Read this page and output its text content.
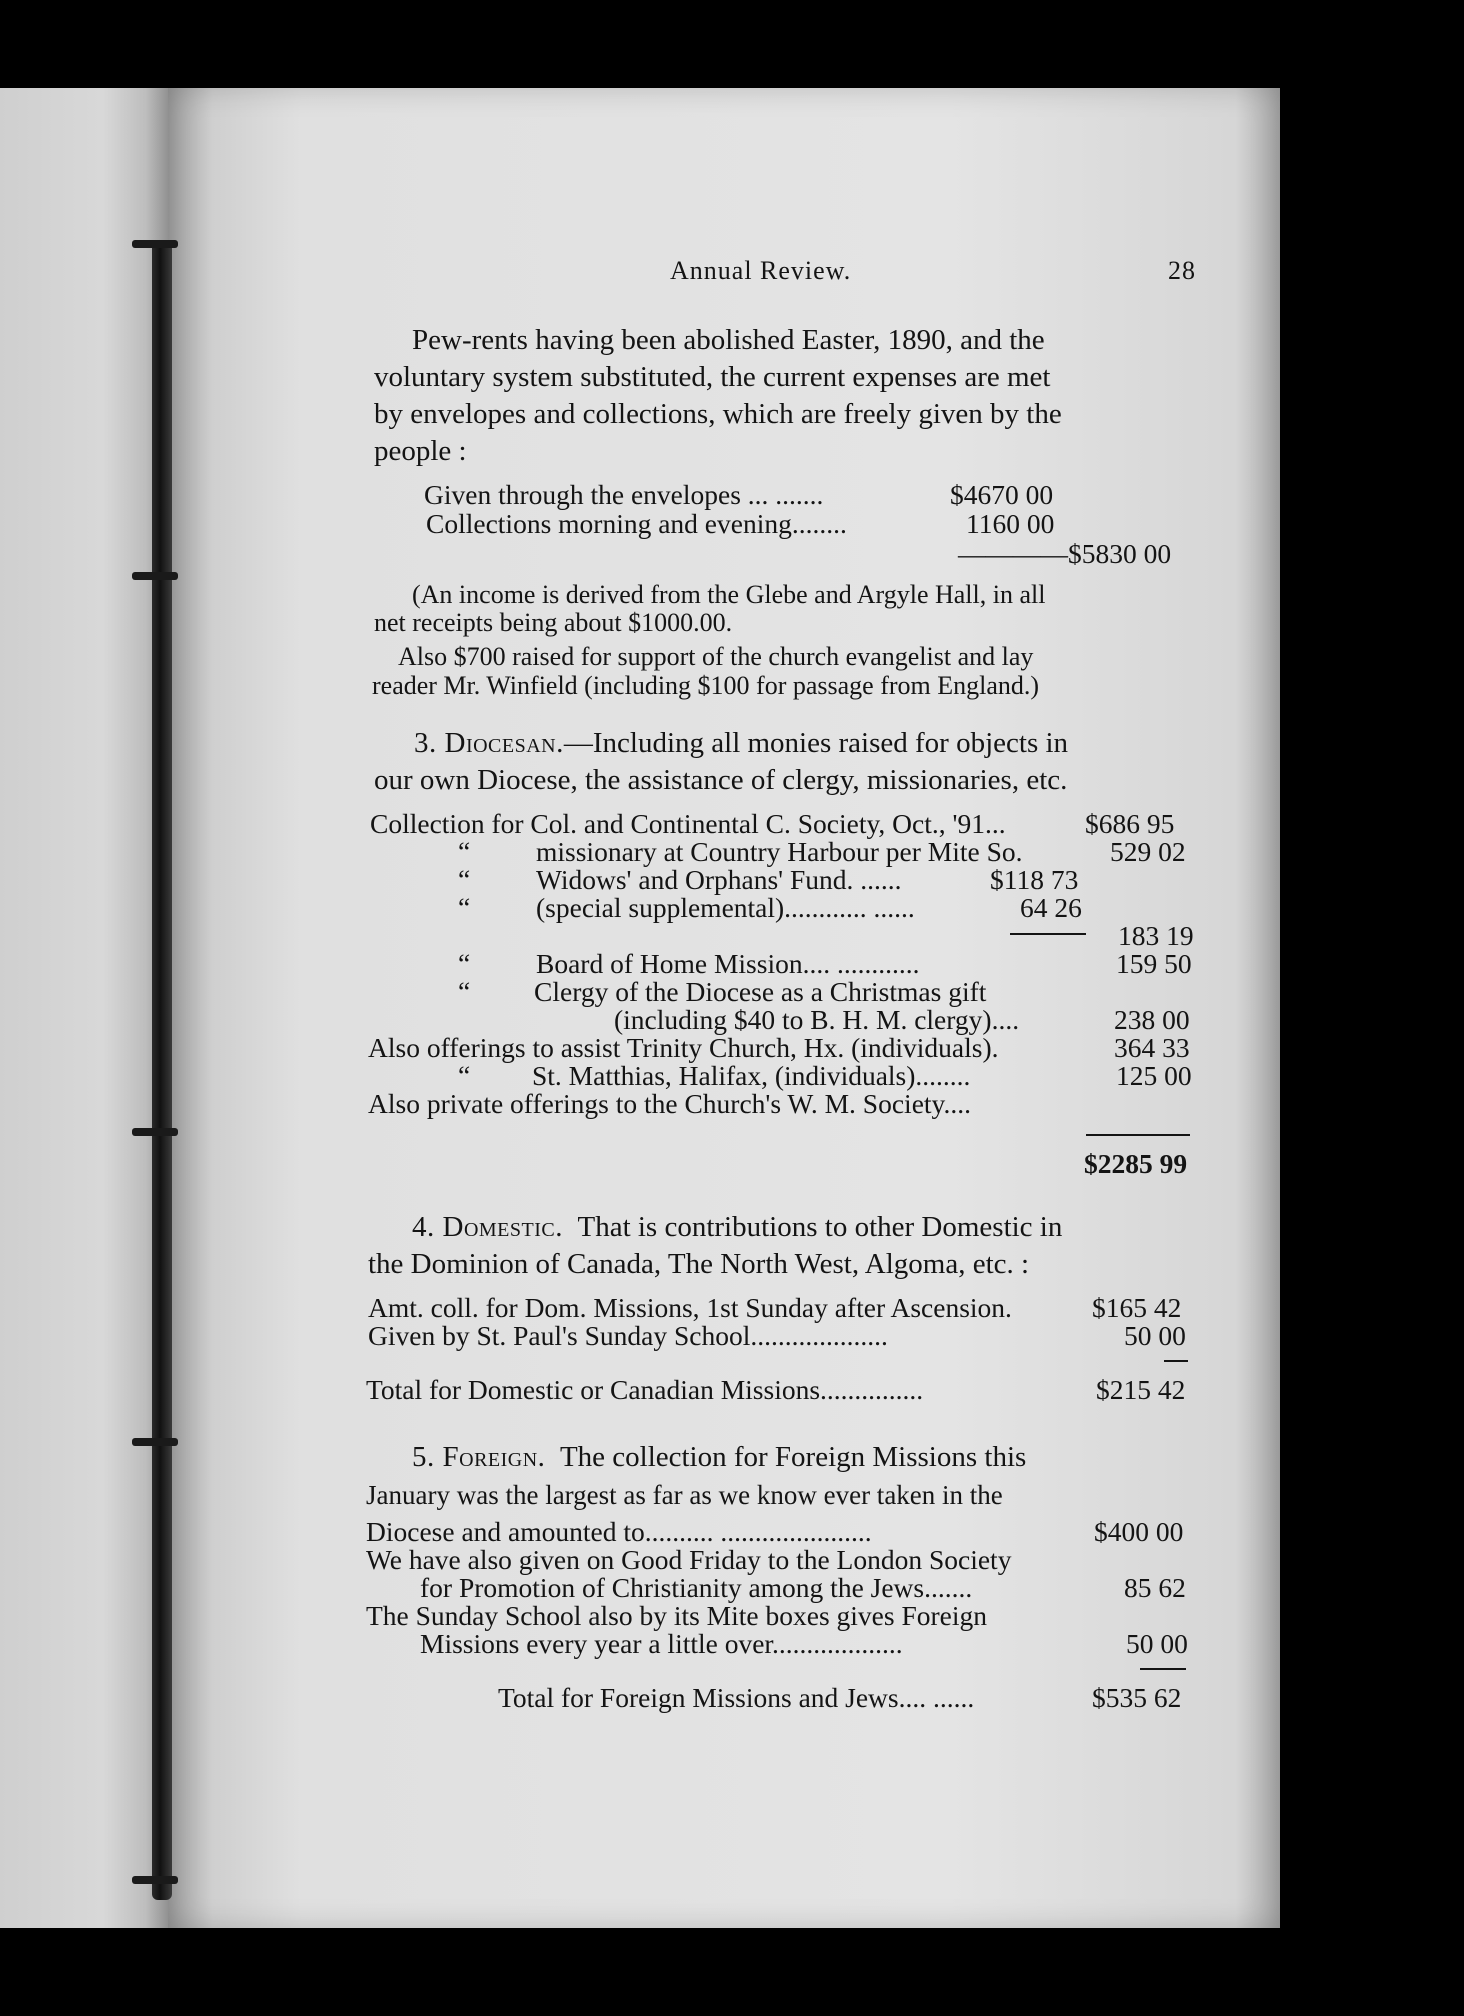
Annual Review.	28
Pew-rents having been abolished Easter, 1890, and the
voluntary system substituted, the current expenses are met
by envelopes and collections, which are freely given by the
people :
Given through the envelopes ... .......	$4670 00
Collections morning and evening........	1160 00
————$5830 00
(An income is derived from the Glebe and Argyle Hall, in all
net receipts being about $1000.00.
Also $700 raised for support of the church evangelist and lay
reader Mr. Winfield (including $100 for passage from England.)
3. Diocesan.—Including all monies raised for objects in
our own Diocese, the assistance of clergy, missionaries, etc.
Collection for Col. and Continental C. Society, Oct., '91...	$686 95
“ missionary at Country Harbour per Mite So.	529 02
“ Widows' and Orphans' Fund. ......	$118 73
“ (special supplemental)............ ......	64 26
183 19
“ Board of Home Mission.... ............	159 50
“ Clergy of the Diocese as a Christmas gift
(including $40 to B. H. M. clergy)....	238 00
Also offerings to assist Trinity Church, Hx. (individuals).	364 33
“ St. Matthias, Halifax, (individuals)........	125 00
Also private offerings to the Church's W. M. Society....
$2285 99
4. Domestic. That is contributions to other Domestic in
the Dominion of Canada, The North West, Algoma, etc. :
Amt. coll. for Dom. Missions, 1st Sunday after Ascension.	$165 42
Given by St. Paul's Sunday School....................	50 00
Total for Domestic or Canadian Missions...............	$215 42
5. Foreign. The collection for Foreign Missions this
January was the largest as far as we know ever taken in the
Diocese and amounted to.......... ......................	$400 00
We have also given on Good Friday to the London Society
for Promotion of Christianity among the Jews.......	85 62
The Sunday School also by its Mite boxes gives Foreign
Missions every year a little over...................	50 00
Total for Foreign Missions and Jews.... ......	$535 62
